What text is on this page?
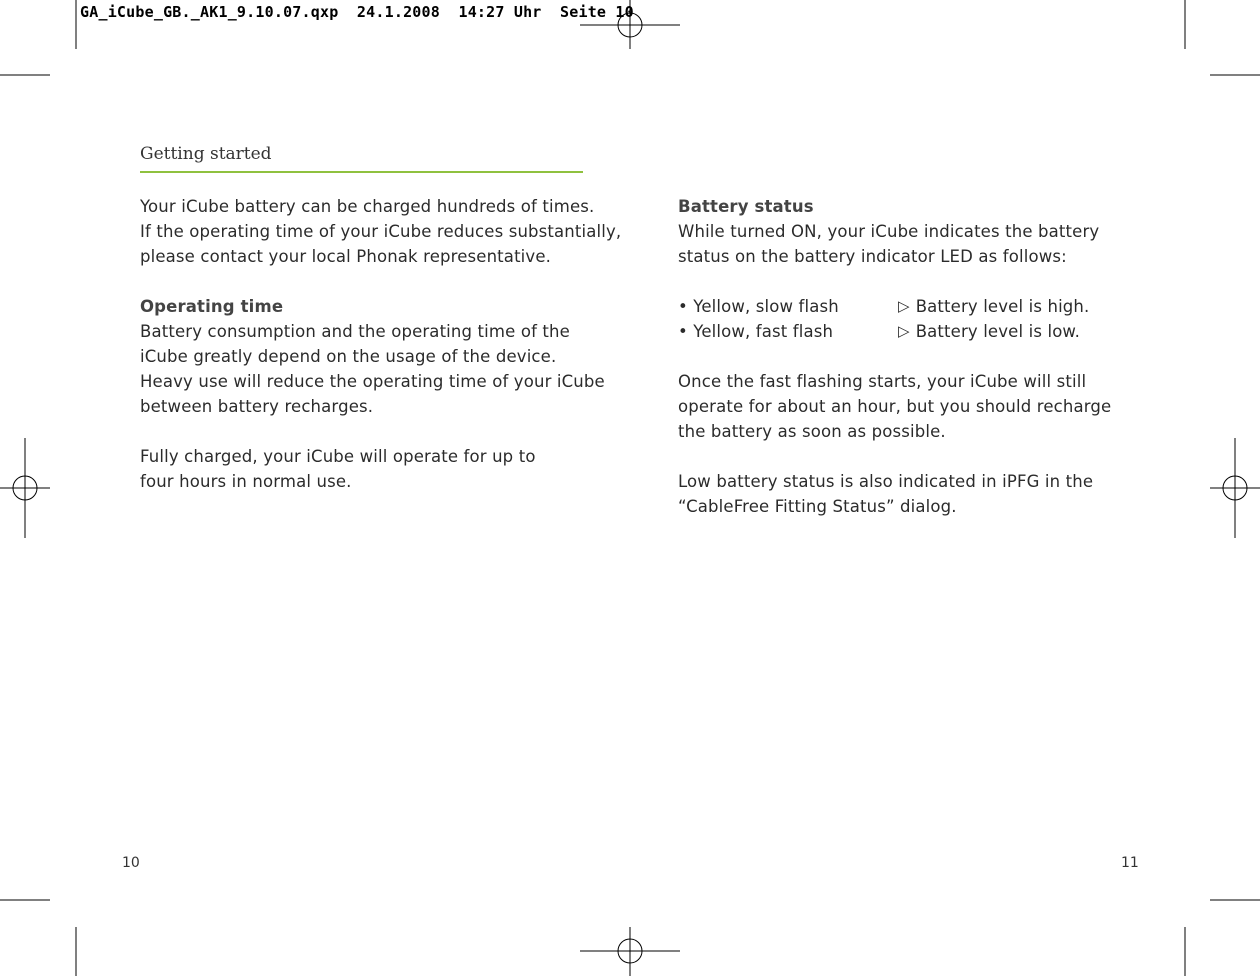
GA_iCube_GB._AK1_9.10.07.qxp  24.1.2008  14:27 Uhr  Seite 10
Getting started
Your iCube battery can be charged hundreds of times.
If the operating time of your iCube reduces substantially,
please contact your local Phonak representative.
Operating time
Battery consumption and the operating time of the
iCube greatly depend on the usage of the device.
Heavy use will reduce the operating time of your iCube
between battery recharges.
Fully charged, your iCube will operate for up to
four hours in normal use.
Battery status
While turned ON, your iCube indicates the battery
status on the battery indicator LED as follows:
• Yellow, slow flash	▷ Battery level is high.
• Yellow, fast flash	▷ Battery level is low.
Once the fast flashing starts, your iCube will still
operate for about an hour, but you should recharge
the battery as soon as possible.
Low battery status is also indicated in iPFG in the
“CableFree Fitting Status” dialog.
10	11
